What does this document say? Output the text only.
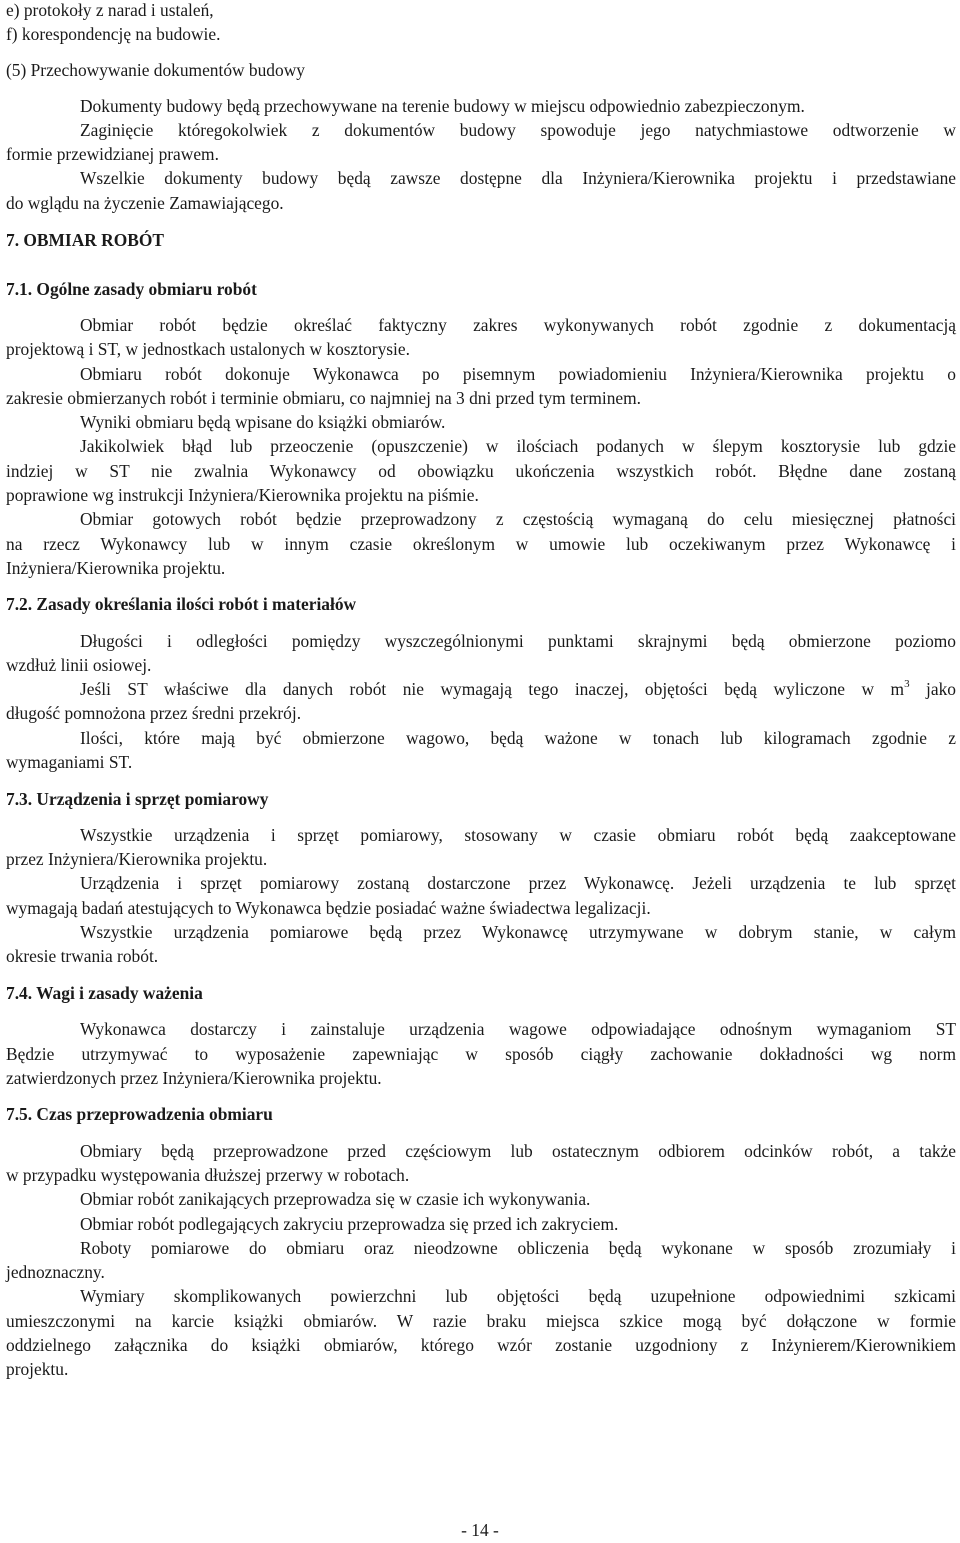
e) protokoły z narad i ustaleń,
f) korespondencję na budowie.
(5) Przechowywanie dokumentów budowy
Dokumenty budowy będą przechowywane na terenie budowy w miejscu odpowiednio zabezpieczonym.
Zaginięcie któregokolwiek z dokumentów budowy spowoduje jego natychmiastowe odtworzenie w
formie przewidzianej prawem.
Wszelkie dokumenty budowy będą zawsze dostępne dla Inżyniera/Kierownika projektu i przedstawiane
do wglądu na życzenie Zamawiającego.
7. OBMIAR ROBÓT
7.1. Ogólne zasady obmiaru robót
Obmiar robót będzie określać faktyczny zakres wykonywanych robót zgodnie z dokumentacją
projektową i ST, w jednostkach ustalonych w kosztorysie.
Obmiaru robót dokonuje Wykonawca po pisemnym powiadomieniu Inżyniera/Kierownika projektu o
zakresie obmierzanych robót i terminie obmiaru, co najmniej na 3 dni przed tym terminem.
Wyniki obmiaru będą wpisane do książki obmiarów.
Jakikolwiek błąd lub przeoczenie (opuszczenie) w ilościach podanych w ślepym kosztorysie lub gdzie
indziej w ST nie zwalnia Wykonawcy od obowiązku ukończenia wszystkich robót. Błędne dane zostaną
poprawione wg instrukcji Inżyniera/Kierownika projektu na piśmie.
Obmiar gotowych robót będzie przeprowadzony z częstością wymaganą do celu miesięcznej płatności
na rzecz Wykonawcy lub w innym czasie określonym w umowie lub oczekiwanym przez Wykonawcę i
Inżyniera/Kierownika projektu.
7.2. Zasady określania ilości robót i materiałów
Długości i odległości pomiędzy wyszczególnionymi punktami skrajnymi będą obmierzone poziomo
wzdłuż linii osiowej.
Jeśli ST właściwe dla danych robót nie wymagają tego inaczej, objętości będą wyliczone w $m^3$ jako
długość pomnożona przez średni przekrój.
Ilości, które mają być obmierzone wagowo, będą ważone w tonach lub kilogramach zgodnie z
wymaganiami ST.
7.3. Urządzenia i sprzęt pomiarowy
Wszystkie urządzenia i sprzęt pomiarowy, stosowany w czasie obmiaru robót będą zaakceptowane
przez Inżyniera/Kierownika projektu.
Urządzenia i sprzęt pomiarowy zostaną dostarczone przez Wykonawcę. Jeżeli urządzenia te lub sprzęt
wymagają badań atestujących to Wykonawca będzie posiadać ważne świadectwa legalizacji.
Wszystkie urządzenia pomiarowe będą przez Wykonawcę utrzymywane w dobrym stanie, w całym
okresie trwania robót.
7.4. Wagi i zasady ważenia
Wykonawca dostarczy i zainstaluje urządzenia wagowe odpowiadające odnośnym wymaganiom ST
Będzie utrzymywać to wyposażenie zapewniając w sposób ciągły zachowanie dokładności wg norm
zatwierdzonych przez Inżyniera/Kierownika projektu.
7.5. Czas przeprowadzenia obmiaru
Obmiary będą przeprowadzone przed częściowym lub ostatecznym odbiorem odcinków robót, a także
w przypadku występowania dłuższej przerwy w robotach.
Obmiar robót zanikających przeprowadza się w czasie ich wykonywania.
Obmiar robót podlegających zakryciu przeprowadza się przed ich zakryciem.
Roboty pomiarowe do obmiaru oraz nieodzowne obliczenia będą wykonane w sposób zrozumiały i
jednoznaczny.
Wymiary skomplikowanych powierzchni lub objętości będą uzupełnione odpowiednimi szkicami
umieszczonymi na karcie książki obmiarów. W razie braku miejsca szkice mogą być dołączone w formie
oddzielnego załącznika do książki obmiarów, którego wzór zostanie uzgodniony z Inżynierem/Kierownikiem
projektu.
- 14 -
